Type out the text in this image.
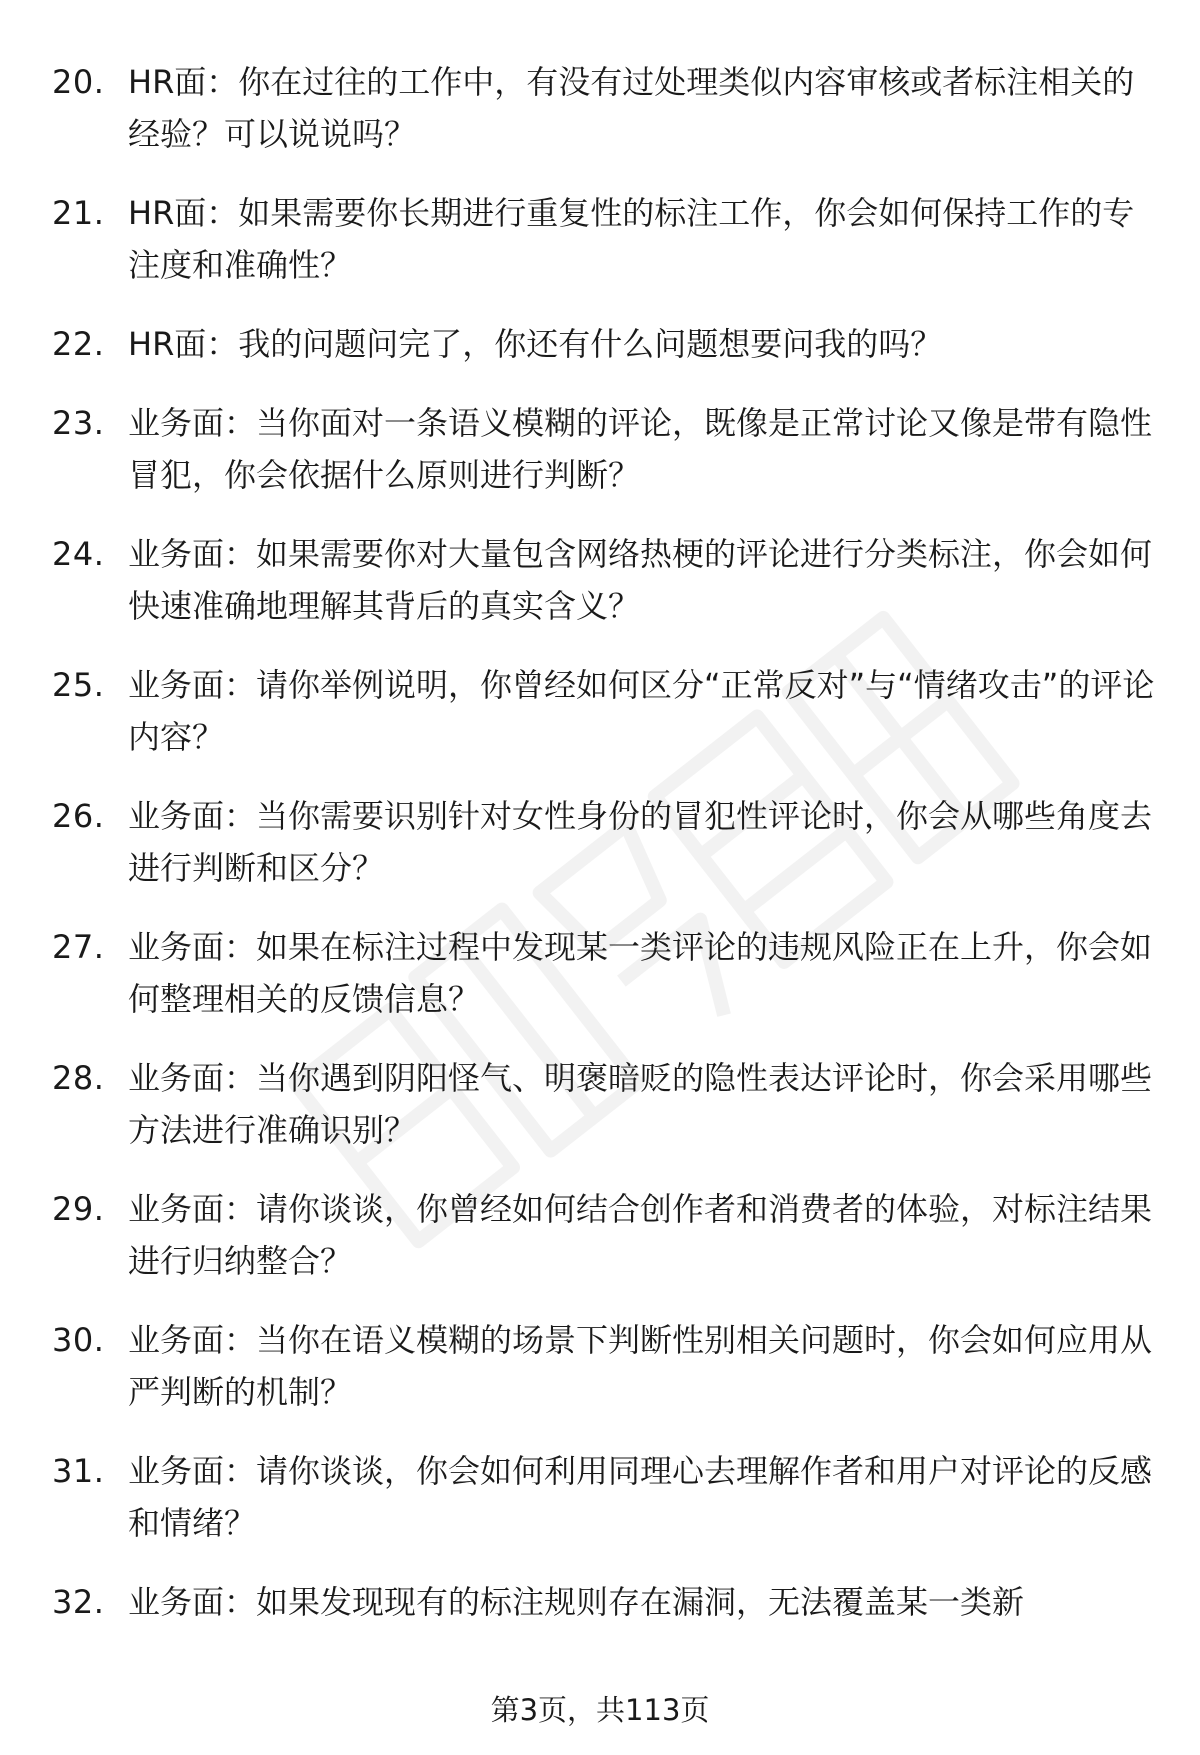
20. HR面：你在过往的工作中，有没有过处理类似内容审核或者标注相关的经验？可以说说吗？
21. HR面：如果需要你长期进行重复性的标注工作，你会如何保持工作的专注度和准确性？
22. HR面：我的问题问完了，你还有什么问题想要问我的吗？
23. 业务面：当你面对一条语义模糊的评论，既像是正常讨论又像是带有隐性冒犯，你会依据什么原则进行判断？
24. 业务面：如果需要你对大量包含网络热梗的评论进行分类标注，你会如何快速准确地理解其背后的真实含义？
25. 业务面：请你举例说明，你曾经如何区分“正常反对”与“情绪攻击”的评论内容？
26. 业务面：当你需要识别针对女性身份的冒犯性评论时，你会从哪些角度去进行判断和区分？
27. 业务面：如果在标注过程中发现某一类评论的违规风险正在上升，你会如何整理相关的反馈信息？
28. 业务面：当你遇到阴阳怪气、明褒暗贬的隐性表达评论时，你会采用哪些方法进行准确识别？
29. 业务面：请你谈谈，你曾经如何结合创作者和消费者的体验，对标注结果进行归纳整合？
30. 业务面：当你在语义模糊的场景下判断性别相关问题时，你会如何应用从严判断的机制？
31. 业务面：请你谈谈，你会如何利用同理心去理解作者和用户对评论的反感和情绪？
32. 业务面：如果发现现有的标注规则存在漏洞，无法覆盖某一类新
第3页，共113页
